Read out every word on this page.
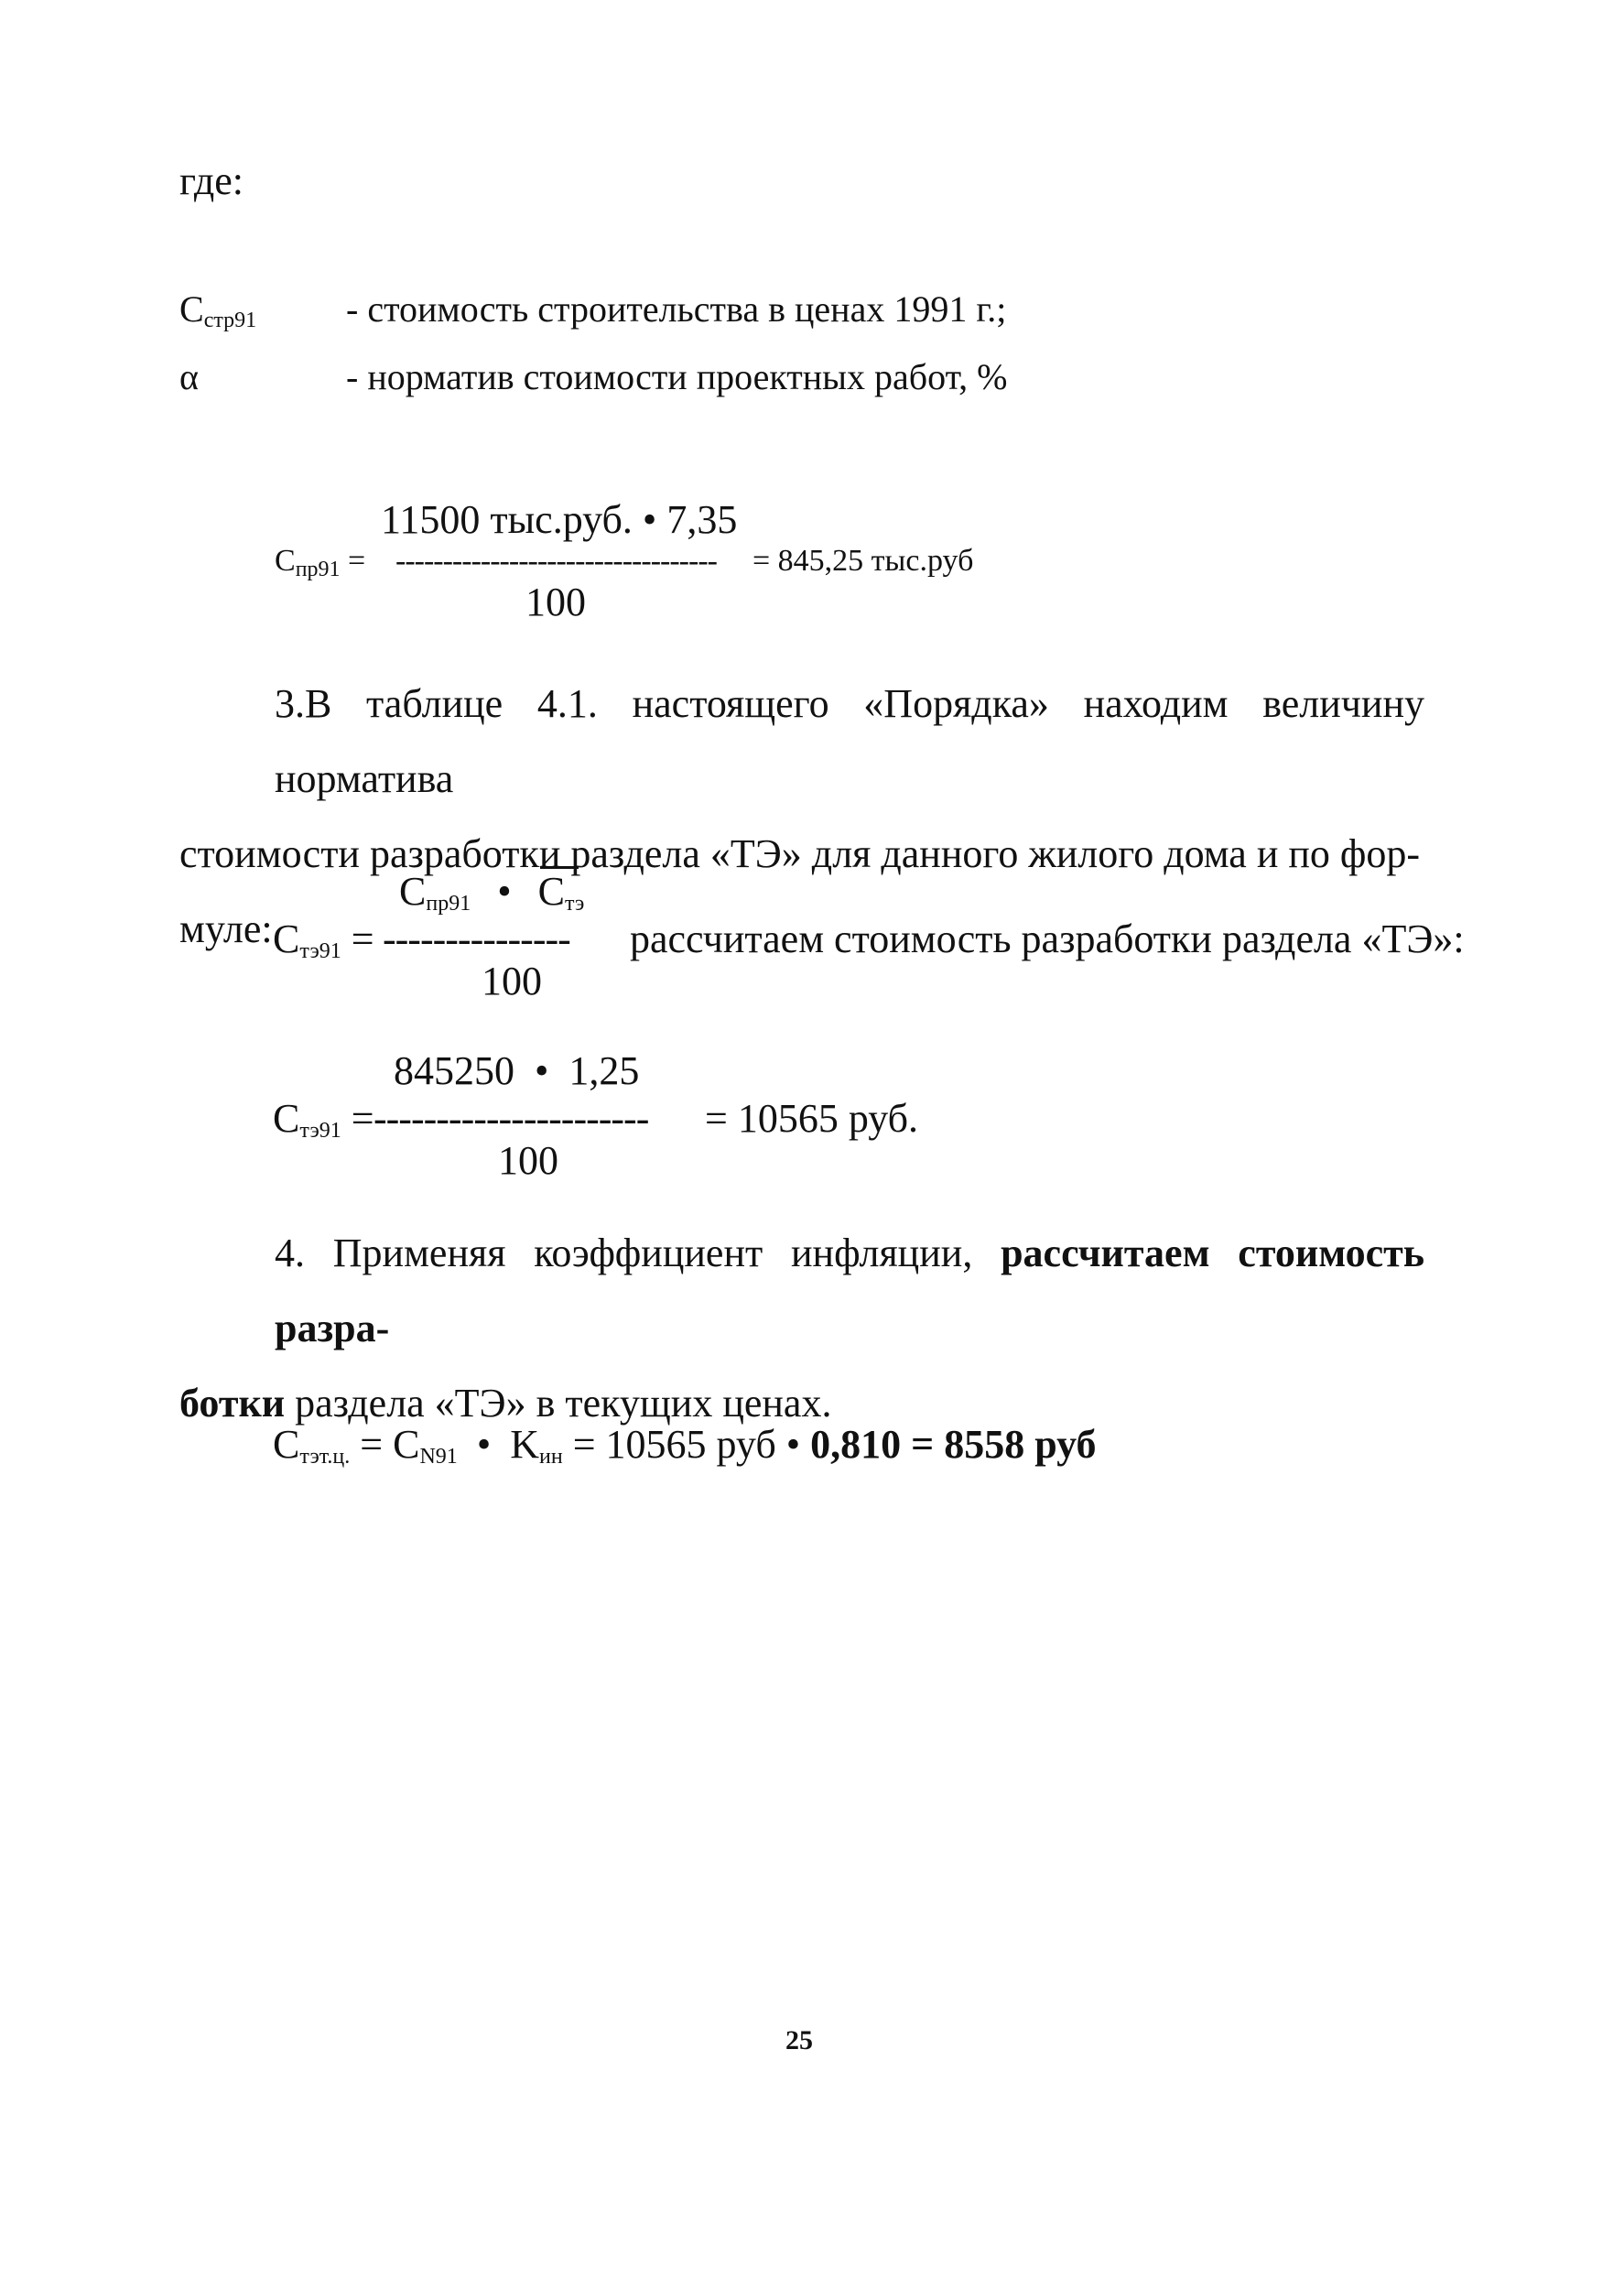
где:
$C_{стр91}$ - стоимость строительства в ценах 1991 г.;
α	- норматив стоимости проектных работ, %
11500 тыс.руб. • 7,35
$C_{пр91}$ = ---------------------------------- = 845,25 тыс.руб
100
3.В таблице 4.1. настоящего «Порядка» находим величину норматива
стоимости разработки раздела «ТЭ» для данного жилого дома и по фор-
муле:
$C_{пр91}$ • $C_{тэ}$
$C_{тэ91}$ = --------------- рассчитаем стоимость разработки раздела «ТЭ»:
100
845250  •  1,25
$C_{тэ91}$ = ---------------------- = 10565 руб.
100
4. Применяя коэффициент инфляции, рассчитаем стоимость разра-
ботки раздела «ТЭ» в текущих ценах.
$C_{тэт.ц.} = C_{N91}$ • $K_{ин} = 10565$ руб • 0,810 = 8558 руб
25
